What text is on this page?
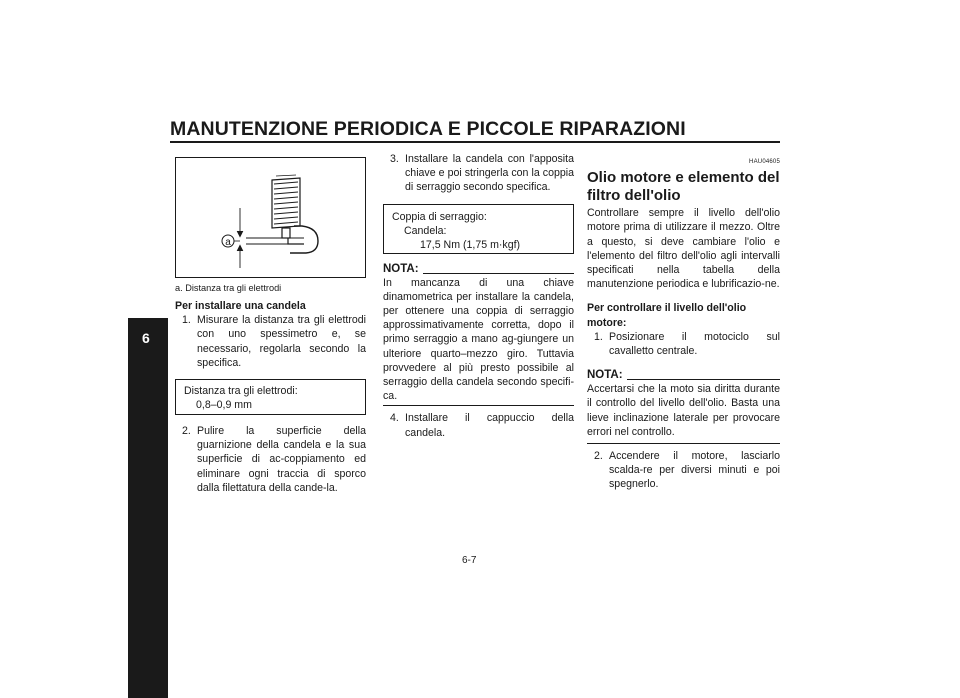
MANUTENZIONE PERIODICA E PICCOLE RIPARAZIONI
6
a
a. Distanza tra gli elettrodi
Per installare una candela
1. Misurare la distanza tra gli elettrodi con uno spessimetro e, se necessario, regolarla secondo la specifica.
Distanza tra gli elettrodi:
0,8–0,9 mm
2. Pulire la superficie della guarnizione della candela e la sua superficie di ac-coppiamento ed eliminare ogni traccia di sporco dalla filettatura della cande-la.
3. Installare la candela con l'apposita chiave e poi stringerla con la coppia di serraggio secondo specifica.
Coppia di serraggio:
Candela:
17,5 Nm (1,75 m·kgf)
NOTA:
In mancanza di una chiave dinamometrica per installare la candela, per ottenere una coppia di serraggio approssimativamente corretta, dopo il primo serraggio a mano ag-giungere un ulteriore quarto–mezzo giro. Tuttavia provvedere al più presto possibile al serraggio della candela secondo specifi-ca.
4. Installare il cappuccio della candela.
HAU04605
Olio motore e elemento del filtro dell'olio
Controllare sempre il livello dell'olio motore prima di utilizzare il mezzo. Oltre a questo, si deve cambiare l'olio e l'elemento del filtro dell'olio agli intervalli specificati nella tabella della manutenzione periodica e lubrificazio-ne.
Per controllare il livello dell'olio motore:
1. Posizionare il motociclo sul cavalletto centrale.
NOTA:
Accertarsi che la moto sia diritta durante il controllo del livello dell'olio. Basta una lieve inclinazione laterale per provocare errori nel controllo.
2. Accendere il motore, lasciarlo scalda-re per diversi minuti e poi spegnerlo.
6-7
